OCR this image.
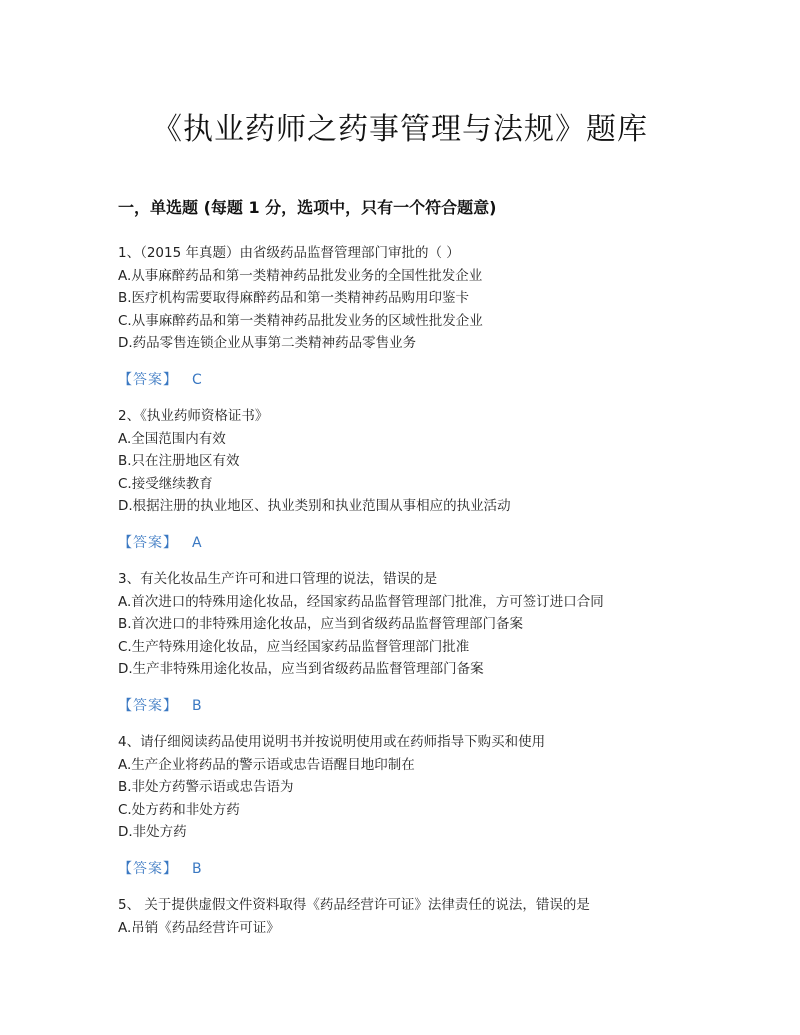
《执业药师之药事管理与法规》题库
一，单选题 (每题 1 分，选项中，只有一个符合题意)
1、（2015 年真题）由省级药品监督管理部门审批的（ ）
A.从事麻醉药品和第一类精神药品批发业务的全国性批发企业
B.医疗机构需要取得麻醉药品和第一类精神药品购用印鉴卡
C.从事麻醉药品和第一类精神药品批发业务的区域性批发企业
D.药品零售连锁企业从事第二类精神药品零售业务
【答案】 C
2、《执业药师资格证书》
A.全国范围内有效
B.只在注册地区有效
C.接受继续教育
D.根据注册的执业地区、执业类别和执业范围从事相应的执业活动
【答案】 A
3、有关化妆品生产许可和进口管理的说法，错误的是
A.首次进口的特殊用途化妆品，经国家药品监督管理部门批准，方可签订进口合同
B.首次进口的非特殊用途化妆品，应当到省级药品监督管理部门备案
C.生产特殊用途化妆品，应当经国家药品监督管理部门批准
D.生产非特殊用途化妆品，应当到省级药品监督管理部门备案
【答案】 B
4、请仔细阅读药品使用说明书并按说明使用或在药师指导下购买和使用
A.生产企业将药品的警示语或忠告语醒目地印制在
B.非处方药警示语或忠告语为
C.处方药和非处方药
D.非处方药
【答案】 B
5、 关于提供虚假文件资料取得《药品经营许可证》法律责任的说法，错误的是
A.吊销《药品经营许可证》
